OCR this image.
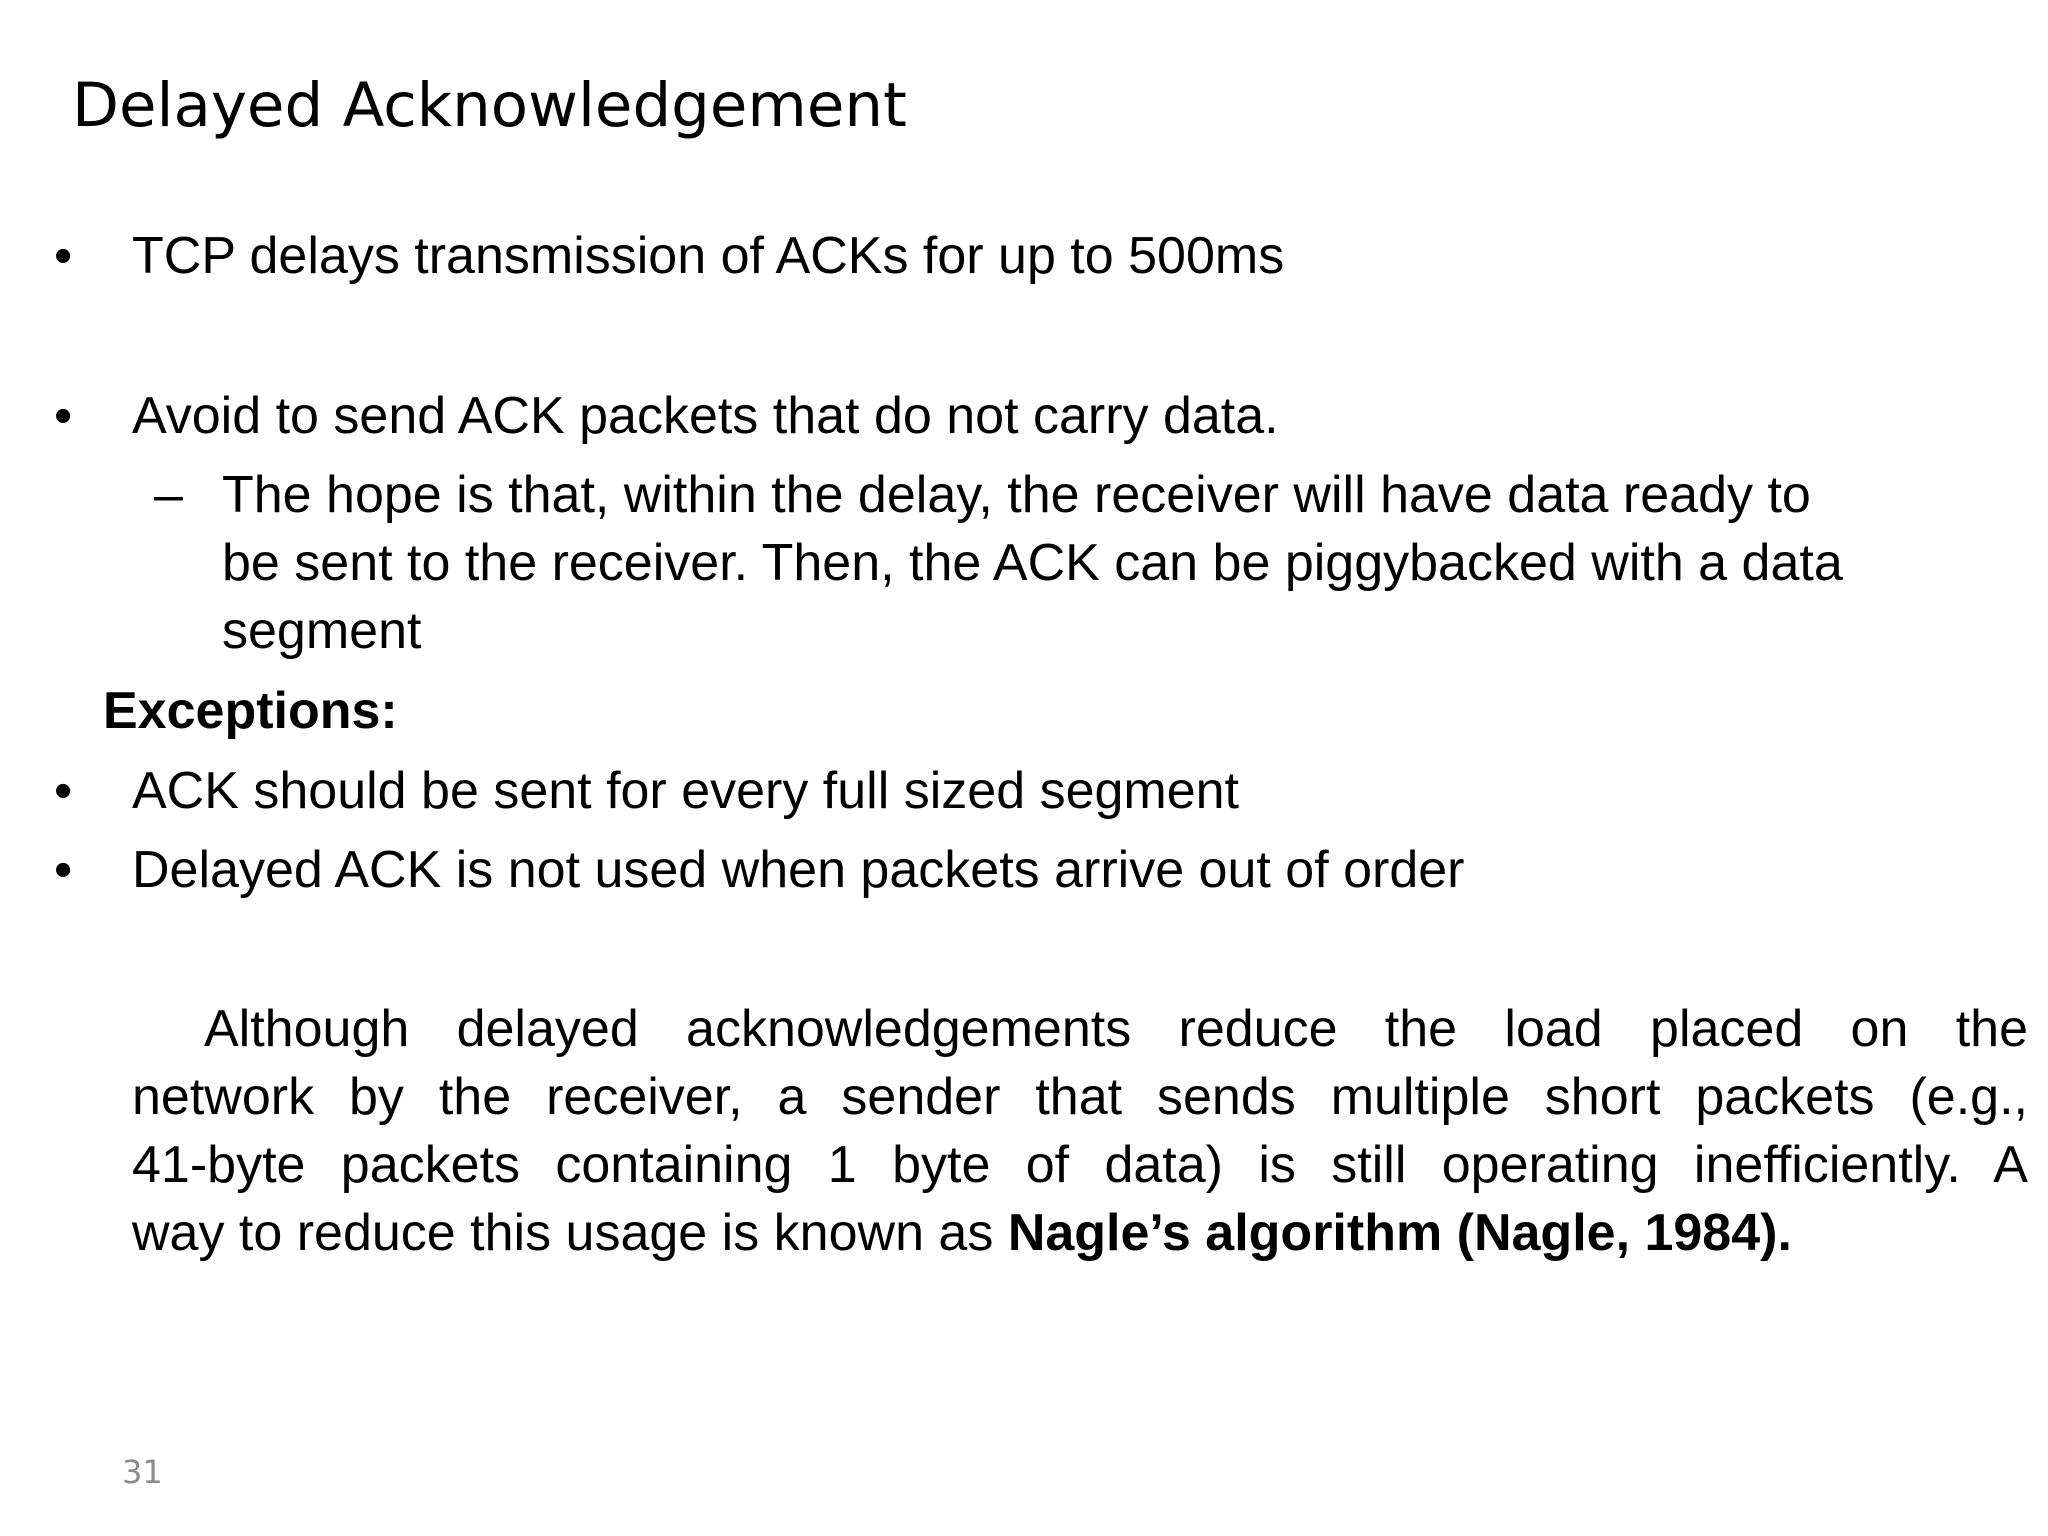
Delayed Acknowledgement
• TCP delays transmission of ACKs for up to 500ms
• Avoid to send ACK packets that do not carry data.
– The hope is that, within the delay, the receiver will have data ready to
be sent to the receiver. Then, the ACK can be piggybacked with a data
segment
Exceptions:
• ACK should be sent for every full sized segment
• Delayed ACK is not used when packets arrive out of order
Although delayed acknowledgements reduce the load placed on the
network by the receiver, a sender that sends multiple short packets (e.g.,
41-byte packets containing 1 byte of data) is still operating inefficiently. A
way to reduce this usage is known as Nagle’s algorithm (Nagle, 1984).
31
